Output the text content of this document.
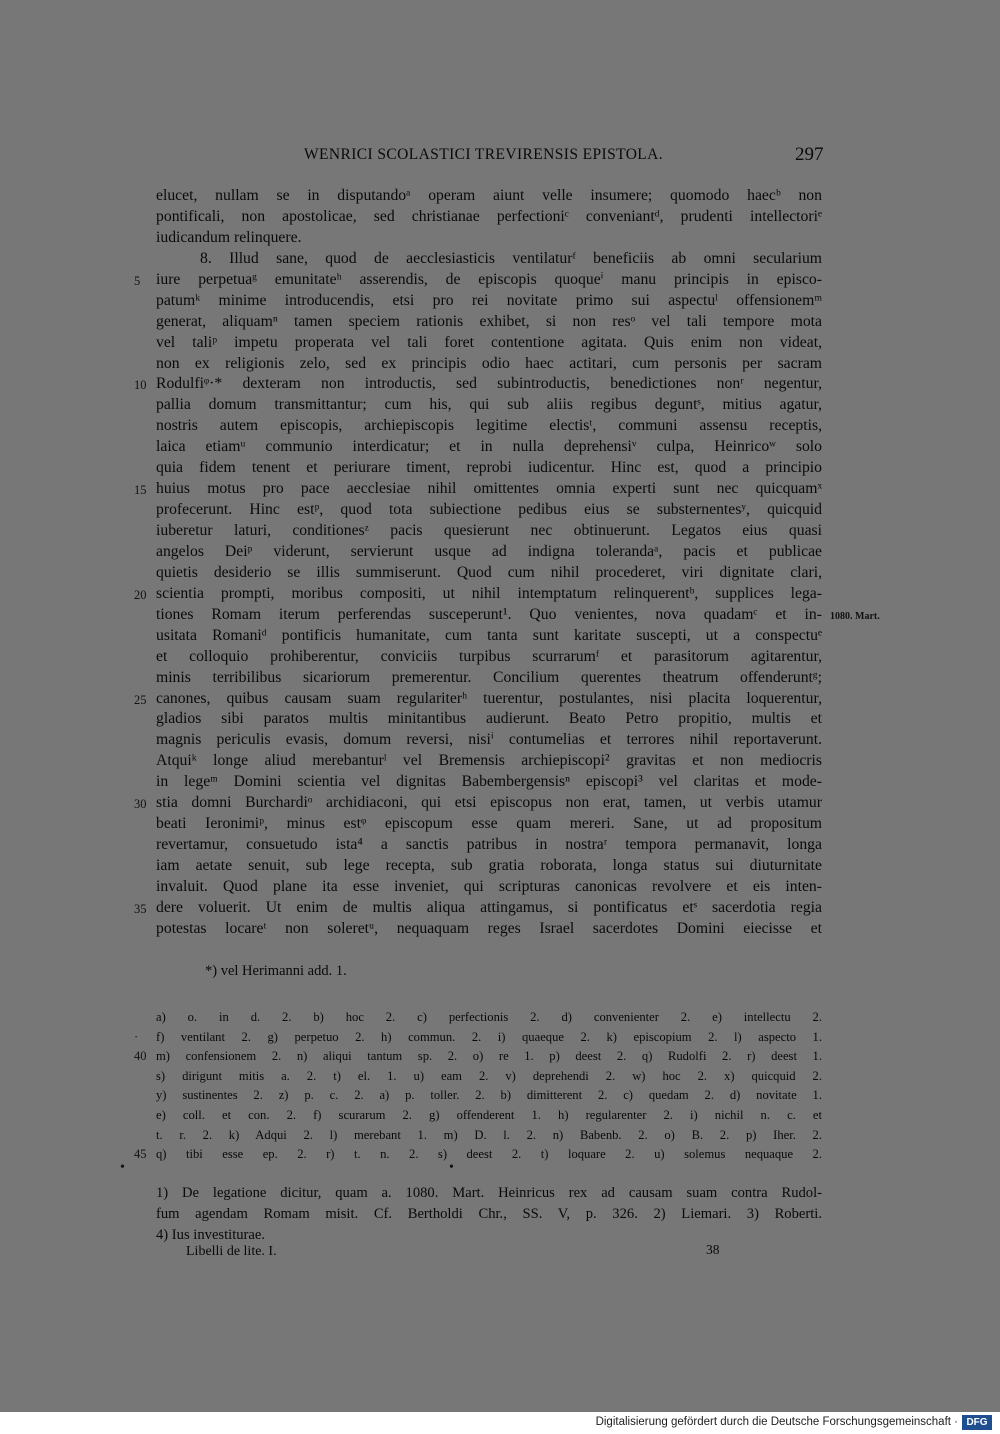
WENRICI SCOLASTICI TREVIRENSIS EPISTOLA.	297
elucet, nullam se in disputandoᵃ operam aiunt velle insumere; quomodo haecᵇ non
pontificali, non apostolicae, sed christianae perfectioniᶜ conveniantᵈ, prudenti intellectoriᵉ
iudicandum relinquere.
8. Illud sane, quod de aecclesiasticis ventilaturᶠ beneficiis ab omni secularium
5 iure perpetuaᵍ emunitateʰ asserendis, de episcopis quoqueⁱ manu principis in episco-
patumᵏ minime introducendis, etsi pro rei novitate primo sui aspectuˡ offensionemᵐ
generat, aliquamⁿ tamen speciem rationis exhibet, si non resᵒ vel tali tempore mota
vel taliᵖ impetu properata vel tali foret contentione agitata. Quis enim non videat,
non ex religionis zelo, sed ex principis odio haec actitari, cum personis per sacram
10 Rodulfiᵠ·* dexteram non introductis, sed subintroductis, benedictiones nonʳ negentur,
pallia domum transmittantur; cum his, qui sub aliis regibus deguntˢ, mitius agatur,
nostris autem episcopis, archiepiscopis legitime electisᵗ, communi assensu receptis,
laica etiamᵘ communio interdicatur; et in nulla deprehensiᵛ culpa, Heinricoʷ solo
quia fidem tenent et periurare timent, reprobi iudicentur. Hinc est, quod a principio
15 huius motus pro pace aecclesiae nihil omittentes omnia experti sunt nec quicquamˣ
profecerunt. Hinc estᵖ, quod tota subiectione pedibus eius se substernentesʸ, quicquid
iuberetur laturi, conditionesᶻ pacis quesierunt nec obtinuerunt. Legatos eius quasi
angelos Deiᵖ viderunt, servierunt usque ad indigna tolerandaᵃ, pacis et publicae
quietis desiderio se illis summiserunt. Quod cum nihil procederet, viri dignitate clari,
20 scientia prompti, moribus compositi, ut nihil intemptatum relinquerentᵇ, supplices lega-
tiones Romam iterum perferendas susceperunt¹. Quo venientes, nova quadamᶜ et in- 1080. Mart.
usitata Romaniᵈ pontificis humanitate, cum tanta sunt karitate suscepti, ut a conspectuᵉ
et colloquio prohiberentur, conviciis turpibus scurrarumᶠ et parasitorum agitarentur,
minis terribilibus sicariorum premerentur. Concilium querentes theatrum offenderuntᵍ;
25 canones, quibus causam suam regulariterʰ tuerentur, postulantes, nisi placita loquerentur,
gladios sibi paratos multis minitantibus audierunt. Beato Petro propitio, multis et
magnis periculis evasis, domum reversi, nisiⁱ contumelias et terrores nihil reportaverunt.
Atquiᵏ longe aliud merebanturˡ vel Bremensis archiepiscopi² gravitas et non mediocris
in legeᵐ Domini scientia vel dignitas Babembergensisⁿ episcopi³ vel claritas et mode-
30 stia domni Burchardiᵒ archidiaconi, qui etsi episcopus non erat, tamen, ut verbis utamur
beati Ieronimiᵖ, minus estᵠ episcopum esse quam mereri. Sane, ut ad propositum
revertamur, consuetudo ista⁴ a sanctis patribus in nostraʳ tempora permanavit, longa
iam aetate senuit, sub lege recepta, sub gratia roborata, longa status sui diuturnitate
invaluit. Quod plane ita esse inveniet, qui scripturas canonicas revolvere et eis inten-
35 dere voluerit. Ut enim de multis aliqua attingamus, si pontificatus etˢ sacerdotia regia
potestas locareᵗ non soleretᵘ, nequaquam reges Israel sacerdotes Domini eiecisse et
*) vel Herimanni add. 1.
a) o. in d. 2. b) hoc 2. c) perfectionis 2. d) convenienter 2. e) intellectu 2.
· f) ventilant 2. g) perpetuo 2. h) commun. 2. i) quaeque 2. k) episcopium 2. l) aspecto 1.
40 m) confensionem 2. n) aliqui tantum sp. 2. o) re 1. p) deest 2. q) Rudolfi 2. r) deest 1.
s) dirigunt mitis a. 2. t) el. 1. u) eam 2. v) deprehendi 2. w) hoc 2. x) quicquid 2.
y) sustinentes 2. z) p. c. 2. a) p. toller. 2. b) dimitterent 2. c) quedam 2. d) novitate 1.
e) coll. et con. 2. f) scurarum 2. g) offenderent 1. h) regularenter 2. i) nichil n. c. et
t. r. 2. k) Adqui 2. l) merebant 1. m) D. l. 2. n) Babenb. 2. o) B. 2. p) Iher. 2.
45 q) tibi esse ep. 2. r) t. n. 2. s) deest 2. t) loquare 2. u) solemus nequaque 2.
•	•
1) De legatione dicitur, quam a. 1080. Mart. Heinricus rex ad causam suam contra Rudol-
fum agendam Romam misit. Cf. Bertholdi Chr., SS. V, p. 326. 2) Liemari. 3) Roberti.
4) Ius investiturae.
Libelli de lite. I.	38
Digitalisierung gefördert durch die Deutsche Forschungsgemeinschaft · DFG
